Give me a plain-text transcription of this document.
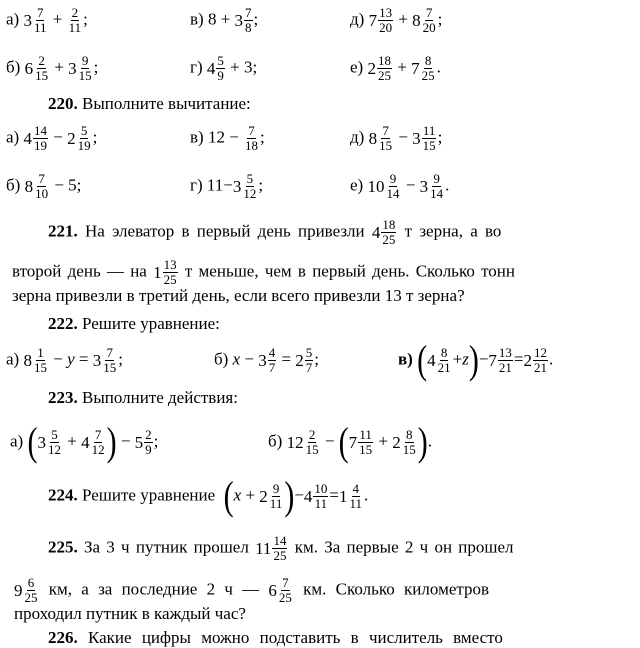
а) $3 \frac{7}{11} + \frac{2}{11}$ ;	в) $8 + 3 \frac{7}{8}$ ;	д) $7 \frac{13}{20} + 8 \frac{7}{20}$ ;
б) $6 \frac{2}{15} + 3 \frac{9}{15}$ ;	г) $4 \frac{5}{9} + 3$;	е) $2 \frac{18}{25} + 7 \frac{8}{25}$ .
220. Выполните вычитание:
а) $4 \frac{14}{19} - 2 \frac{5}{19}$ ;	в) $12 - \frac{7}{18}$ ;	д) $8 \frac{7}{15} - 3 \frac{11}{15}$ ;
б) $8 \frac{7}{10} - 5$;	г) $11-3 \frac{5}{12}$ ;	е) $10 \frac{9}{14} - 3 \frac{9}{14}$ .
221. На элеватор в первый день привезли $4 \frac{18}{25}$ т зерна, а во
второй день — на $1 \frac{13}{25}$ т меньше, чем в первый день. Сколько тонн
зерна привезли в третий день, если всего привезли 13 т зерна?
222. Решите уравнение:
а) $8 \frac{1}{15} - y = 3 \frac{7}{15}$ ;	б) $x - 3 \frac{4}{7} = 2 \frac{5}{7}$ ;	в) $(4 \frac{8}{21} +z)-7 \frac{13}{21} =2 \frac{12}{21}$ .
223. Выполните действия:
а) ($3 \frac{5}{12} + 4 \frac{7}{12}$ ) − $5 \frac{2}{9}$ ;	б) $12 \frac{2}{15} - (7 \frac{11}{15} + 2 \frac{8}{15}$ ).
224. Решите уравнение $(x + 2 \frac{9}{11} )-4 \frac{10}{11} =1 \frac{4}{11}$ .
225. За 3 ч путник прошел $11 \frac{14}{25}$ км. За первые 2 ч он прошел
$9 \frac{6}{25}$ км, а за последние 2 ч — $6 \frac{7}{25}$ км. Сколько километров
проходил путник в каждый час?
226. Какие цифры можно подставить в числитель вместо
